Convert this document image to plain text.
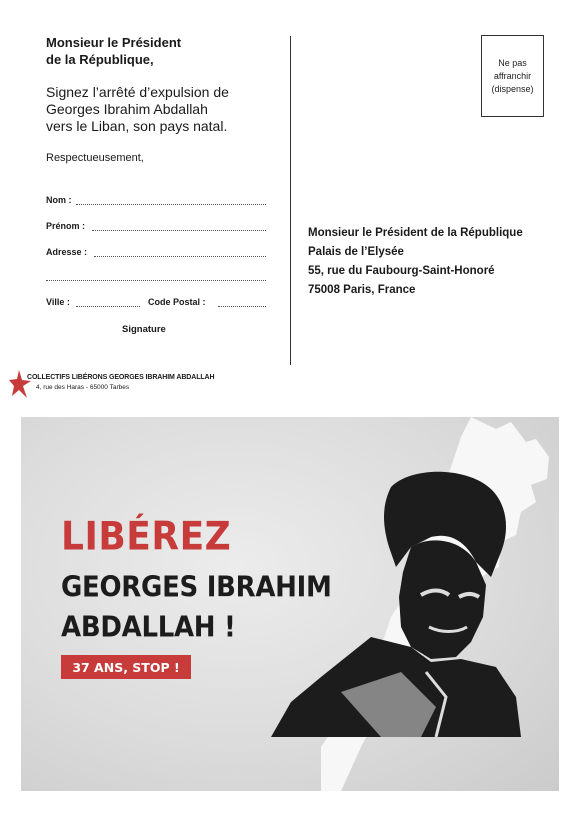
Monsieur le Président
de la République,
Signez l’arrêté d’expulsion de
Georges Ibrahim Abdallah
vers le Liban, son pays natal.
Respectueusement,
Nom :
Prénom :
Adresse :
Ville :	Code Postal :
Signature
Ne pas
affranchir
(dispense)
Monsieur le Président de la République
Palais de l’Elysée
55, rue du Faubourg-Saint-Honoré
75008 Paris, France
COLLECTIFS LIBÉRONS GEORGES IBRAHIM ABDALLAH
4, rue des Haras - 65000 Tarbes
LIBÉREZ
GEORGES IBRAHIM
ABDALLAH !
37 ANS, STOP !
